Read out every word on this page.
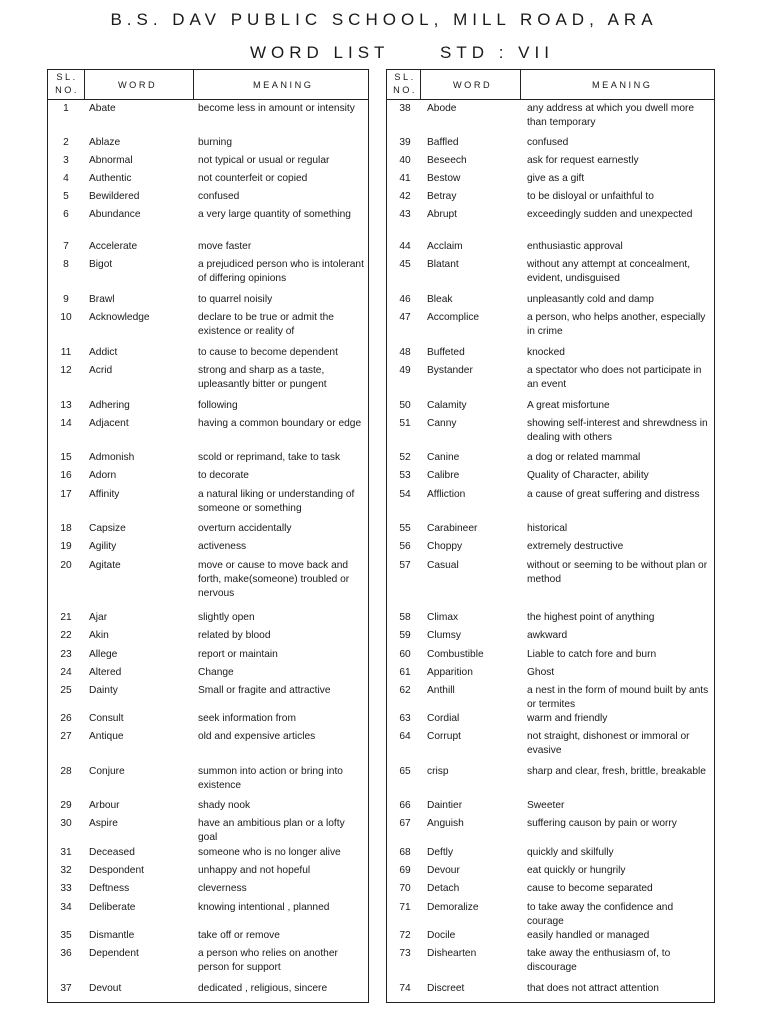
B.S. DAV PUBLIC SCHOOL, MILL ROAD, ARA
WORD LIST	STD : VII
SL. NO.	WORD	MEANING
1	Abate	become less in amount or intensity
2	Ablaze	burning
3	Abnormal	not typical or usual or regular
4	Authentic	not counterfeit or copied
5	Bewildered	confused
6	Abundance	a very large quantity of something
7	Accelerate	move faster
8	Bigot	a prejudiced person who is intolerant of differing opinions
9	Brawl	to quarrel noisily
10	Acknowledge	declare to be true or admit the existence or reality of
11	Addict	to cause to become dependent
12	Acrid	strong and sharp as a taste, upleasantly bitter or pungent
13	Adhering	following
14	Adjacent	having a common boundary or edge
15	Admonish	scold or reprimand, take to task
16	Adorn	to decorate
17	Affinity	a natural liking or understanding of someone or something
18	Capsize	overturn accidentally
19	Agility	activeness
20	Agitate	move or cause to move back and forth, make(someone) troubled or nervous
21	Ajar	slightly open
22	Akin	related by blood
23	Allege	report or maintain
24	Altered	Change
25	Dainty	Small or fragite and attractive
26	Consult	seek information from
27	Antique	old and expensive articles
28	Conjure	summon into action or bring into existence
29	Arbour	shady nook
30	Aspire	have an ambitious plan or a lofty goal
31	Deceased	someone who is no longer alive
32	Despondent	unhappy and not hopeful
33	Deftness	cleverness
34	Deliberate	knowing intentional , planned
35	Dismantle	take off or remove
36	Dependent	a person who relies on another person for support
37	Devout	dedicated , religious, sincere
SL. NO.	WORD	MEANING
38	Abode	any address at which you dwell more than temporary
39	Baffled	confused
40	Beseech	ask for request earnestly
41	Bestow	give as a gift
42	Betray	to be disloyal or unfaithful to
43	Abrupt	exceedingly sudden and unexpected
44	Acclaim	enthusiastic approval
45	Blatant	without any attempt at concealment, evident, undisguised
46	Bleak	unpleasantly cold and damp
47	Accomplice	a person, who helps another, especially in crime
48	Buffeted	knocked
49	Bystander	a spectator who does not participate in an event
50	Calamity	A great misfortune
51	Canny	showing self-interest and shrewdness in dealing with others
52	Canine	a dog or related mammal
53	Calibre	Quality of Character, ability
54	Affliction	a cause of great suffering and distress
55	Carabineer	historical
56	Choppy	extremely destructive
57	Casual	without or seeming to be without plan or method
58	Climax	the highest point of anything
59	Clumsy	awkward
60	Combustible	Liable to catch fore and burn
61	Apparition	Ghost
62	Anthill	a nest in the form of mound built by ants or termites
63	Cordial	warm and friendly
64	Corrupt	not straight, dishonest or immoral or evasive
65	crisp	sharp and clear, fresh, brittle, breakable
66	Daintier	Sweeter
67	Anguish	suffering causon by pain or worry
68	Deftly	quickly and skilfully
69	Devour	eat quickly or hungrily
70	Detach	cause to become separated
71	Demoralize	to take away the confidence and courage
72	Docile	easily handled or managed
73	Dishearten	take away the enthusiasm of, to discourage
74	Discreet	that does not attract attention
